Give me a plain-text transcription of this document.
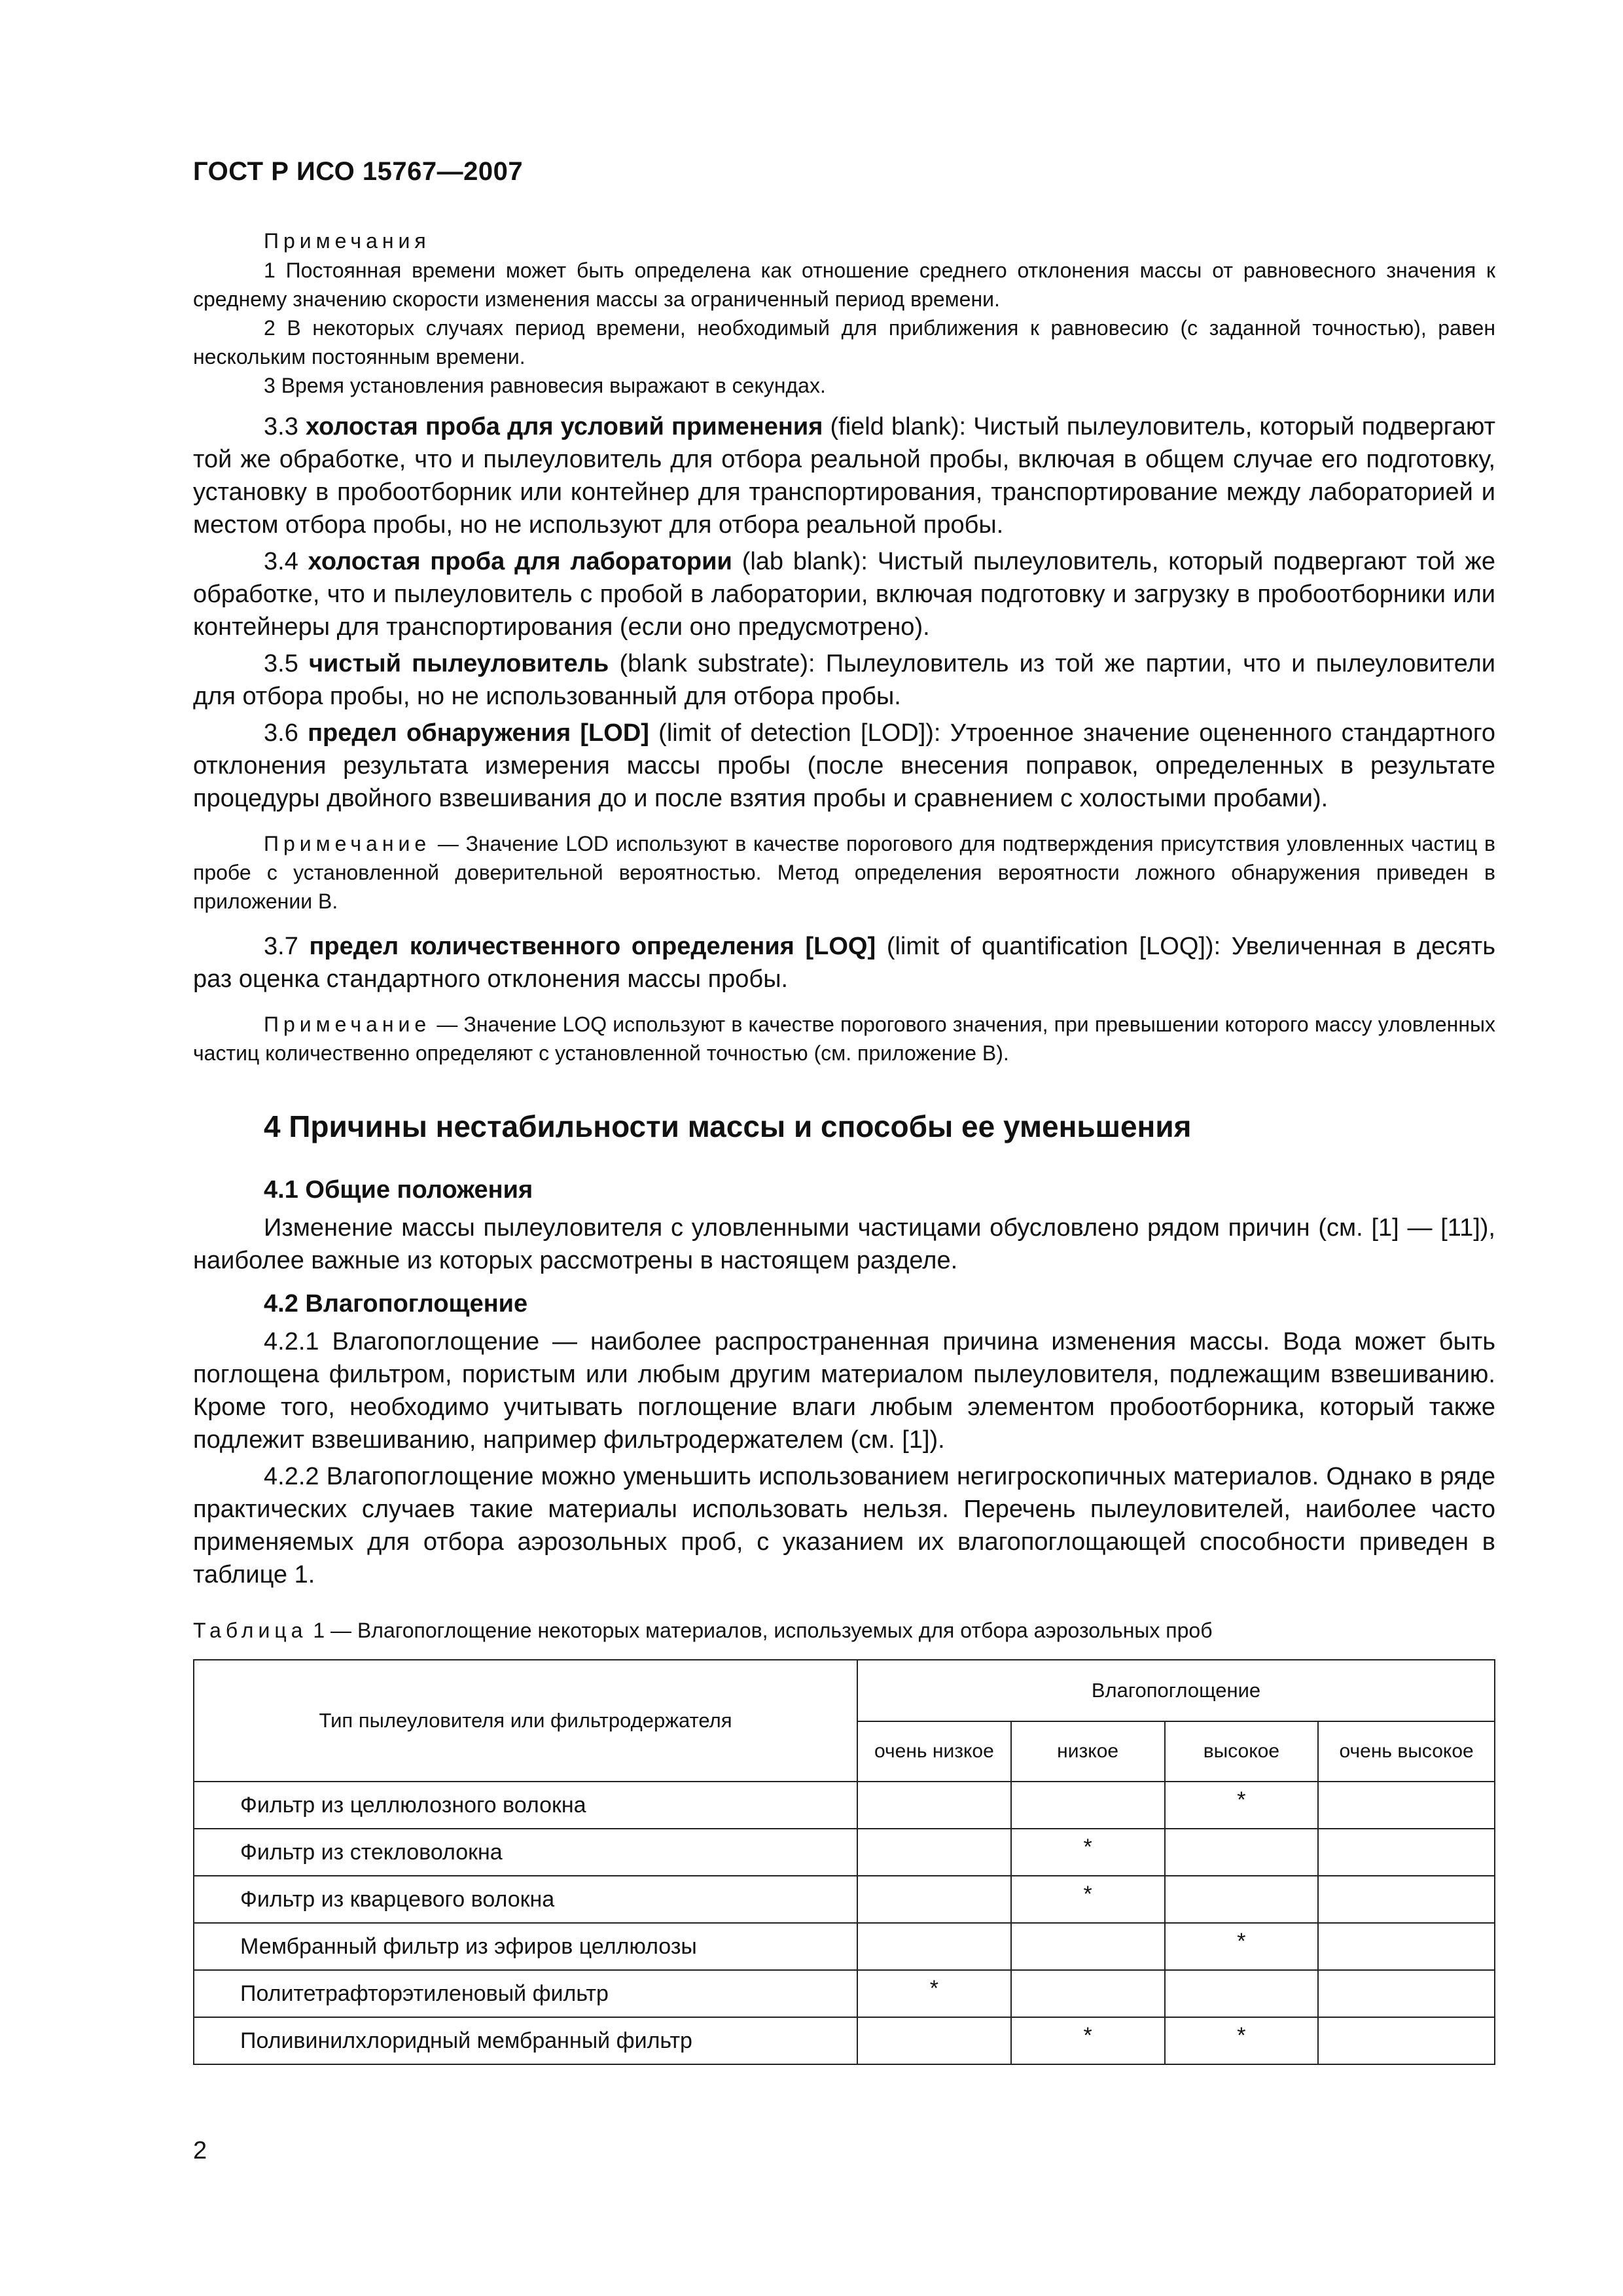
ГОСТ Р ИСО 15767—2007
Примечания

1 Постоянная времени может быть определена как отношение среднего отклонения массы от равновесного значения к среднему значению скорости изменения массы за ограниченный период времени.

2 В некоторых случаях период времени, необходимый для приближения к равновесию (с заданной точностью), равен нескольким постоянным времени.

3 Время установления равновесия выражают в секундах.

3.3 холостая проба для условий применения (field blank): Чистый пылеуловитель, который подвергают той же обработке, что и пылеуловитель для отбора реальной пробы, включая в общем случае его подготовку, установку в пробоотборник или контейнер для транспортирования, транспортирование между лабораторией и местом отбора пробы, но не используют для отбора реальной пробы.

3.4 холостая проба для лаборатории (lab blank): Чистый пылеуловитель, который подвергают той же обработке, что и пылеуловитель с пробой в лаборатории, включая подготовку и загрузку в пробоотборники или контейнеры для транспортирования (если оно предусмотрено).

3.5 чистый пылеуловитель (blank substrate): Пылеуловитель из той же партии, что и пылеуловители для отбора пробы, но не использованный для отбора пробы.

3.6 предел обнаружения [LOD] (limit of detection [LOD]): Утроенное значение оцененного стандартного отклонения результата измерения массы пробы (после внесения поправок, определенных в результате процедуры двойного взвешивания до и после взятия пробы и сравнением с холостыми пробами).

Примечание — Значение LOD используют в качестве порогового для подтверждения присутствия уловленных частиц в пробе с установленной доверительной вероятностью. Метод определения вероятности ложного обнаружения приведен в приложении В.

3.7 предел количественного определения [LOQ] (limit of quantification [LOQ]): Увеличенная в десять раз оценка стандартного отклонения массы пробы.

Примечание — Значение LOQ используют в качестве порогового значения, при превышении которого массу уловленных частиц количественно определяют с установленной точностью (см. приложение В).

4 Причины нестабильности массы и способы ее уменьшения
4.1 Общие положения

Изменение массы пылеуловителя с уловленными частицами обусловлено рядом причин (см. [1] — [11]), наиболее важные из которых рассмотрены в настоящем разделе.

4.2 Влагопоглощение

4.2.1 Влагопоглощение — наиболее распространенная причина изменения массы. Вода может быть поглощена фильтром, пористым или любым другим материалом пылеуловителя, подлежащим взвешиванию. Кроме того, необходимо учитывать поглощение влаги любым элементом пробоотборника, который также подлежит взвешиванию, например фильтродержателем (см. [1]).

4.2.2 Влагопоглощение можно уменьшить использованием негигроскопичных материалов. Однако в ряде практических случаев такие материалы использовать нельзя. Перечень пылеуловителей, наиболее часто применяемых для отбора аэрозольных проб, с указанием их влагопоглощающей способности приведен в таблице 1.

Таблица 1 — Влагопоглощение некоторых материалов, используемых для отбора аэрозольных проб
Тип пылеуловителя или фильтродержателя	Влагопоглощение			
	очень низкое	низкое	высокое	очень высокое
Фильтр из целлюлозного волокна			*	
Фильтр из стекловолокна		*		
Фильтр из кварцевого волокна		*		
Мембранный фильтр из эфиров целлюлозы			*	
Политетрафторэтиленовый фильтр	*			
Поливинилхлоридный мембранный фильтр		*	*	
2
